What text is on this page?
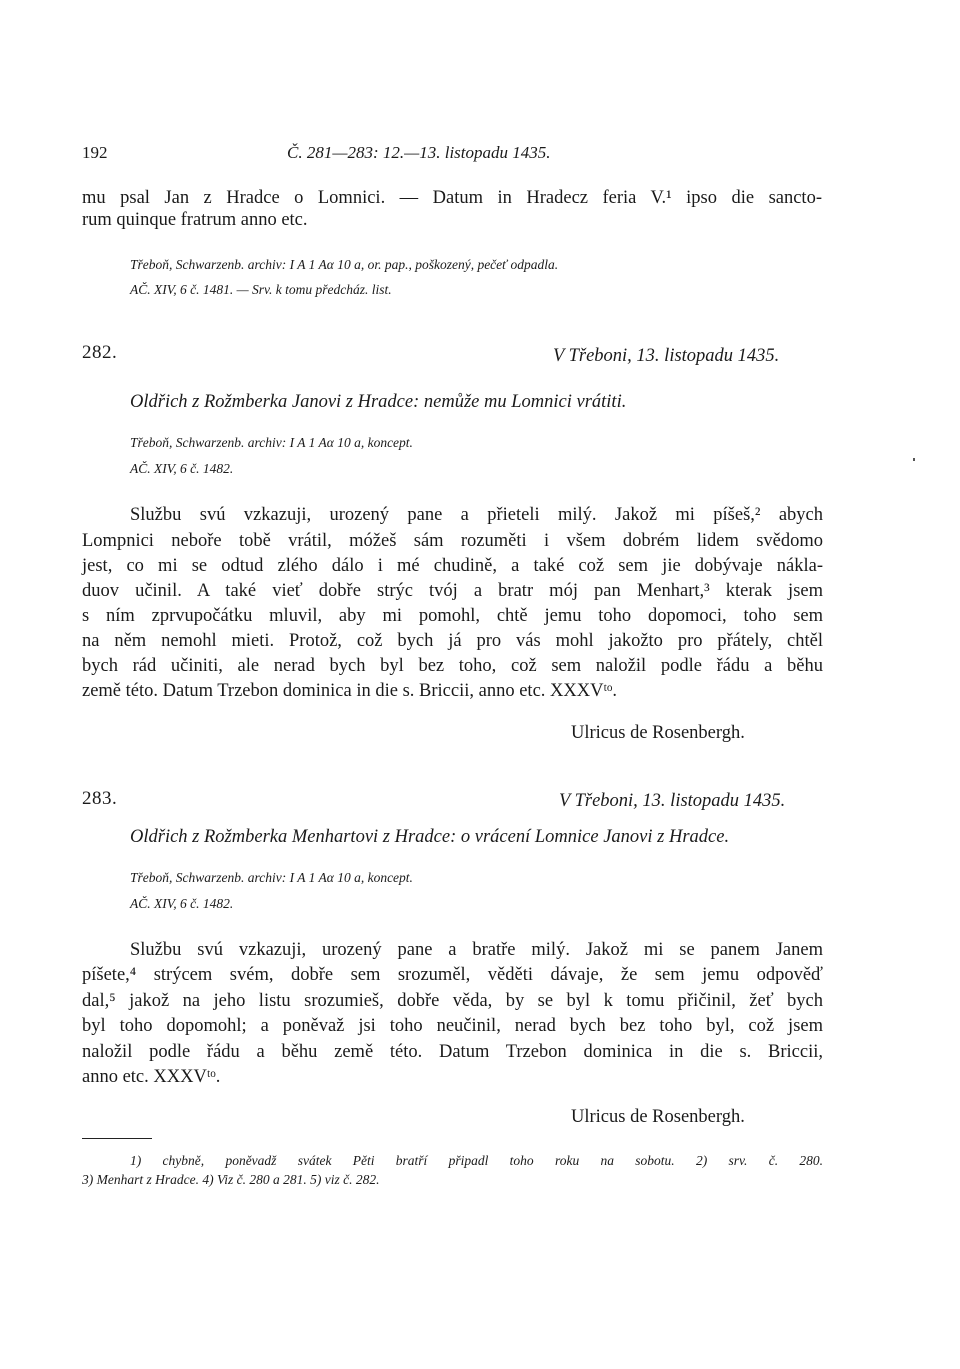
192	Č. 281—283: 12.—13. listopadu 1435.
mu psal Jan z Hradce o Lomnici. — Datum in Hradecz feria V.¹ ipso die sancto-
rum quinque fratrum anno etc.
Třeboň, Schwarzenb. archiv: I A 1 Aα 10 a, or. pap., poškozený, pečeť odpadla.
AČ. XIV, 6 č. 1481. — Srv. k tomu předcház. list.
282.	V Třeboni, 13. listopadu 1435.
Oldřich z Rožmberka Janovi z Hradce: nemůže mu Lomnici vrátiti.
Třeboň, Schwarzenb. archiv: I A 1 Aα 10 a, koncept.
AČ. XIV, 6 č. 1482.
Službu svú vzkazuji, urozený pane a přieteli milý. Jakož mi píšeš,² abych
Lompnici neboře tobě vrátil, móžeš sám rozuměti i všem dobrém lidem svědomo
jest, co mi se odtud zlého dálo i mé chudině, a také což sem jie dobývaje nákla-
duov učinil. A také vieť dobře strýc tvój a bratr mój pan Menhart,³ kterak jsem
s ním zprvupočátku mluvil, aby mi pomohl, chtě jemu toho dopomoci, toho sem
na něm nemohl mieti. Protož, což bych já pro vás mohl jakožto pro přátely, chtěl
bych rád učiniti, ale nerad bych byl bez toho, což sem naložil podle řádu a běhu
země této. Datum Trzebon dominica in die s. Briccii, anno etc. XXXVᵗᵒ.
Ulricus de Rosenbergh.
283.	V Třeboni, 13. listopadu 1435.
Oldřich z Rožmberka Menhartovi z Hradce: o vrácení Lomnice Janovi z Hradce.
Třeboň, Schwarzenb. archiv: I A 1 Aα 10 a, koncept.
AČ. XIV, 6 č. 1482.
Službu svú vzkazuji, urozený pane a bratře milý. Jakož mi se panem Janem
píšete,⁴ strýcem svém, dobře sem srozuměl, věděti dávaje, že sem jemu odpověď
dal,⁵ jakož na jeho listu srozumieš, dobře věda, by se byl k tomu přičinil, žeť bych
byl toho dopomohl; a poněvaž jsi toho neučinil, nerad bych bez toho byl, což jsem
naložil podle řádu a běhu země této. Datum Trzebon dominica in die s. Briccii,
anno etc. XXXVᵗᵒ.
Ulricus de Rosenbergh.
1) chybně, poněvadž svátek Pěti bratří připadl toho roku na sobotu. 2) srv. č. 280.
3) Menhart z Hradce. 4) Viz č. 280 a 281. 5) viz č. 282.
